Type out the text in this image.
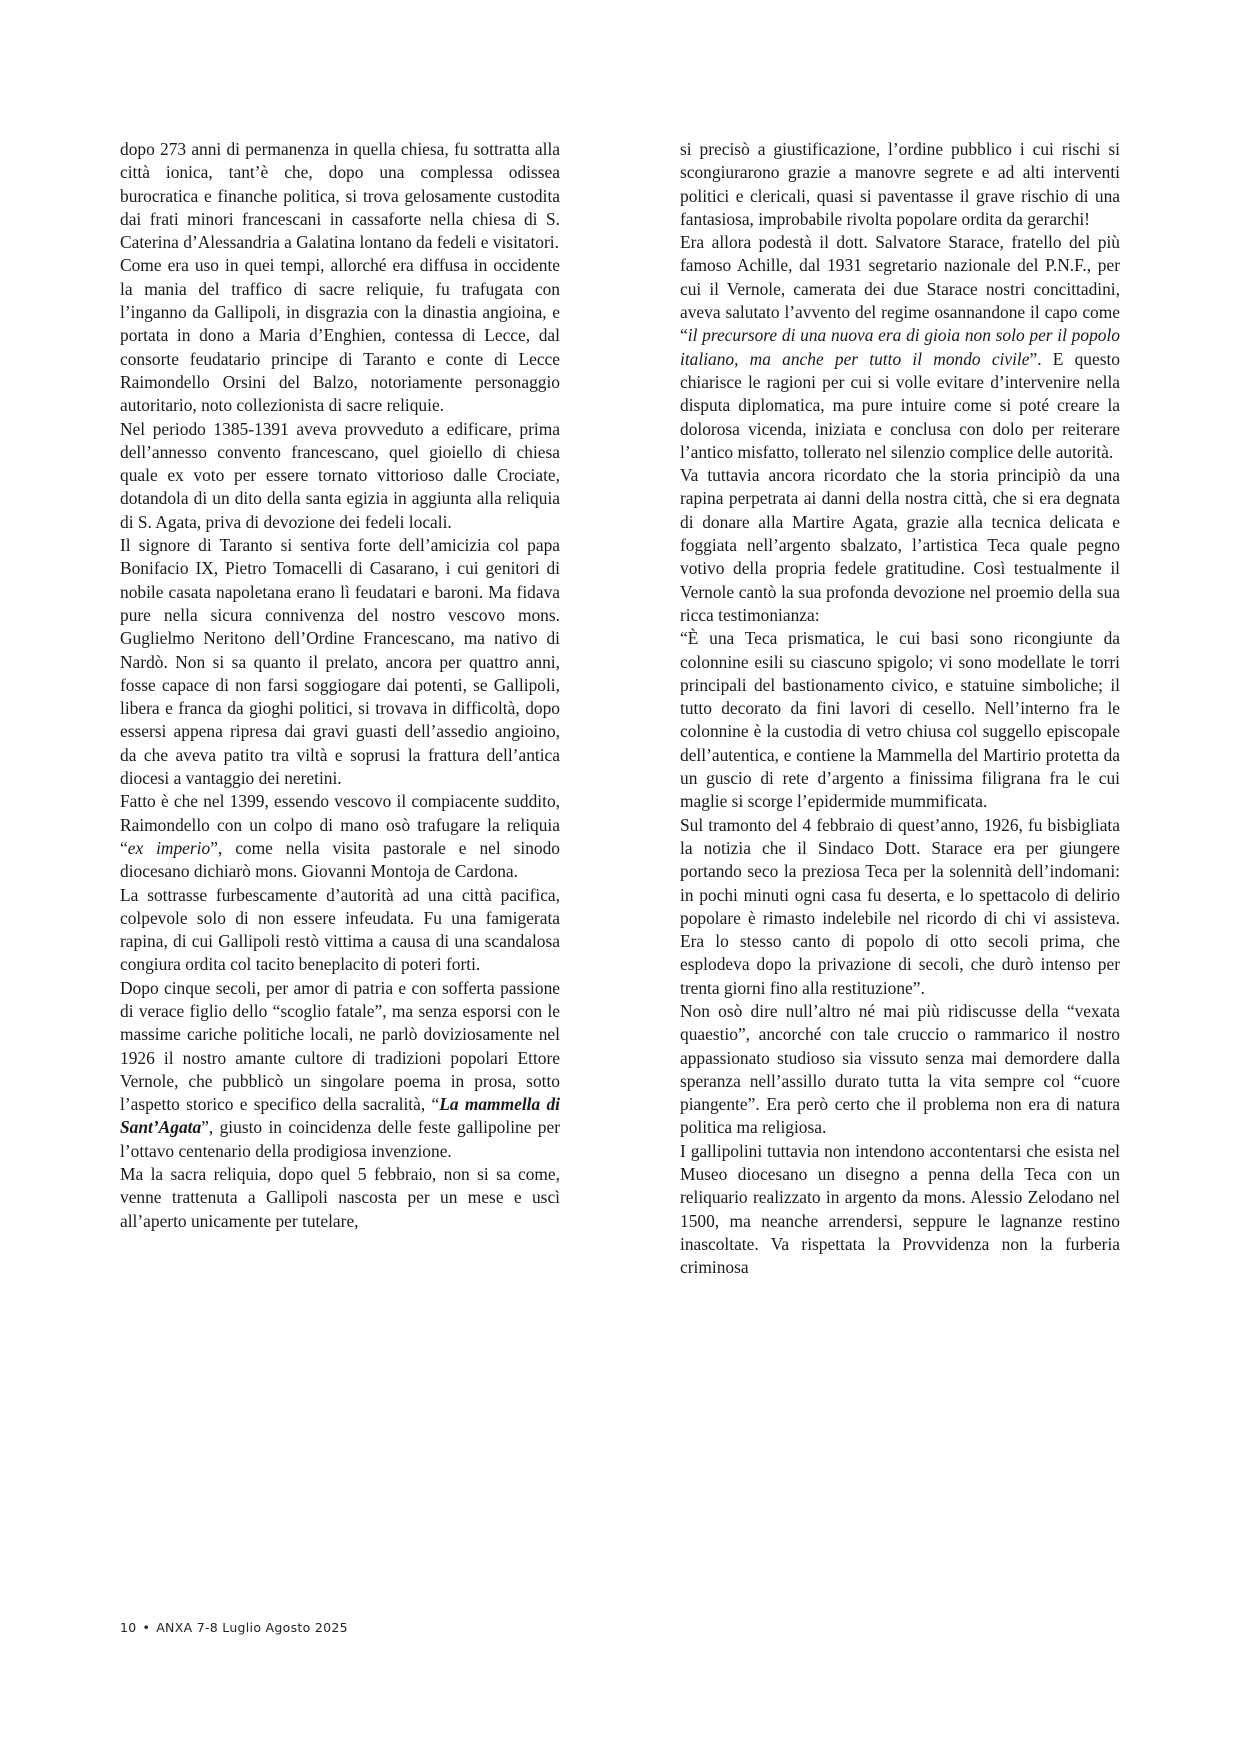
dopo 273 anni di permanenza in quella chiesa, fu sottratta alla città ionica, tant’è che, dopo una complessa odissea burocratica e finanche politica, si trova gelosamente custodita dai frati minori francescani in cassaforte nella chiesa di S. Caterina d’Alessandria a Galatina lontano da fedeli e visitatori.

Come era uso in quei tempi, allorché era diffusa in occidente la mania del traffico di sacre reliquie, fu trafugata con l’inganno da Gallipoli, in disgrazia con la dinastia angioina, e portata in dono a Maria d’Enghien, contessa di Lecce, dal consorte feudatario principe di Taranto e conte di Lecce Raimondello Orsini del Balzo, notoriamente personaggio autoritario, noto collezionista di sacre reliquie.

Nel periodo 1385-1391 aveva provveduto a edificare, prima dell’annesso convento francescano, quel gioiello di chiesa quale ex voto per essere tornato vittorioso dalle Crociate, dotandola di un dito della santa egizia in aggiunta alla reliquia di S. Agata, priva di devozione dei fedeli locali.

Il signore di Taranto si sentiva forte dell’amicizia col papa Bonifacio IX, Pietro Tomacelli di Casarano, i cui genitori di nobile casata napoletana erano lì feudatari e baroni. Ma fidava pure nella sicura connivenza del nostro vescovo mons. Guglielmo Neritono dell’Ordine Francescano, ma nativo di Nardò. Non si sa quanto il prelato, ancora per quattro anni, fosse capace di non farsi soggiogare dai potenti, se Gallipoli, libera e franca da gioghi politici, si trovava in difficoltà, dopo essersi appena ripresa dai gravi guasti dell’assedio angioino, da che aveva patito tra viltà e soprusi la frattura dell’antica diocesi a vantaggio dei neretini.

Fatto è che nel 1399, essendo vescovo il compiacente suddito, Raimondello con un colpo di mano osò trafugare la reliquia “ex imperio”, come nella visita pastorale e nel sinodo diocesano dichiarò mons. Giovanni Montoja de Cardona.

La sottrasse furbescamente d’autorità ad una città pacifica, colpevole solo di non essere infeudata. Fu una famigerata rapina, di cui Gallipoli restò vittima a causa di una scandalosa congiura ordita col tacito beneplacito di poteri forti.

Dopo cinque secoli, per amor di patria e con sofferta passione di verace figlio dello “scoglio fatale”, ma senza esporsi con le massime cariche politiche locali, ne parlò doviziosamente nel 1926 il nostro amante cultore di tradizioni popolari Ettore Vernole, che pubblicò un singolare poema in prosa, sotto l’aspetto storico e specifico della sacralità, “La mammella di Sant’Agata”, giusto in coincidenza delle feste gallipoline per l’ottavo centenario della prodigiosa invenzione.

Ma la sacra reliquia, dopo quel 5 febbraio, non si sa come, venne trattenuta a Gallipoli nascosta per un mese e uscì all’aperto unicamente per tutelare,

si precisò a giustificazione, l’ordine pubblico i cui rischi si scongiurarono grazie a manovre segrete e ad alti interventi politici e clericali, quasi si paventasse il grave rischio di una fantasiosa, improbabile rivolta popolare ordita da gerarchi!

Era allora podestà il dott. Salvatore Starace, fratello del più famoso Achille, dal 1931 segretario nazionale del P.N.F., per cui il Vernole, camerata dei due Starace nostri concittadini, aveva salutato l’avvento del regime osannandone il capo come “il precursore di una nuova era di gioia non solo per il popolo italiano, ma anche per tutto il mondo civile”. E questo chiarisce le ragioni per cui si volle evitare d’intervenire nella disputa diplomatica, ma pure intuire come si poté creare la dolorosa vicenda, iniziata e conclusa con dolo per reiterare l’antico misfatto, tollerato nel silenzio complice delle autorità.

Va tuttavia ancora ricordato che la storia principiò da una rapina perpetrata ai danni della nostra città, che si era degnata di donare alla Martire Agata, grazie alla tecnica delicata e foggiata nell’argento sbalzato, l’artistica Teca quale pegno votivo della propria fedele gratitudine. Così testualmente il Vernole cantò la sua profonda devozione nel proemio della sua ricca testimonianza:

“È una Teca prismatica, le cui basi sono ricongiunte da colonnine esili su ciascuno spigolo; vi sono modellate le torri principali del bastionamento civico, e statuine simboliche; il tutto decorato da fini lavori di cesello. Nell’interno fra le colonnine è la custodia di vetro chiusa col suggello episcopale dell’autentica, e contiene la Mammella del Martirio protetta da un guscio di rete d’argento a finissima filigrana fra le cui maglie si scorge l’epidermide mummificata.

Sul tramonto del 4 febbraio di quest’anno, 1926, fu bisbigliata la notizia che il Sindaco Dott. Starace era per giungere portando seco la preziosa Teca per la solennità dell’indomani: in pochi minuti ogni casa fu deserta, e lo spettacolo di delirio popolare è rimasto indelebile nel ricordo di chi vi assisteva. Era lo stesso canto di popolo di otto secoli prima, che esplodeva dopo la privazione di secoli, che durò intenso per trenta giorni fino alla restituzione”.

Non osò dire null’altro né mai più ridiscusse della “vexata quaestio”, ancorché con tale cruccio o rammarico il nostro appassionato studioso sia vissuto senza mai demordere dalla speranza nell’assillo durato tutta la vita sempre col “cuore piangente”. Era però certo che il problema non era di natura politica ma religiosa.

I gallipolini tuttavia non intendono accontentarsi che esista nel Museo diocesano un disegno a penna della Teca con un reliquario realizzato in argento da mons. Alessio Zelodano nel 1500, ma neanche arrendersi, seppure le lagnanze restino inascoltate. Va rispettata la Provvidenza non la furberia criminosa

10 • ANXA 7-8 Luglio Agosto 2025
